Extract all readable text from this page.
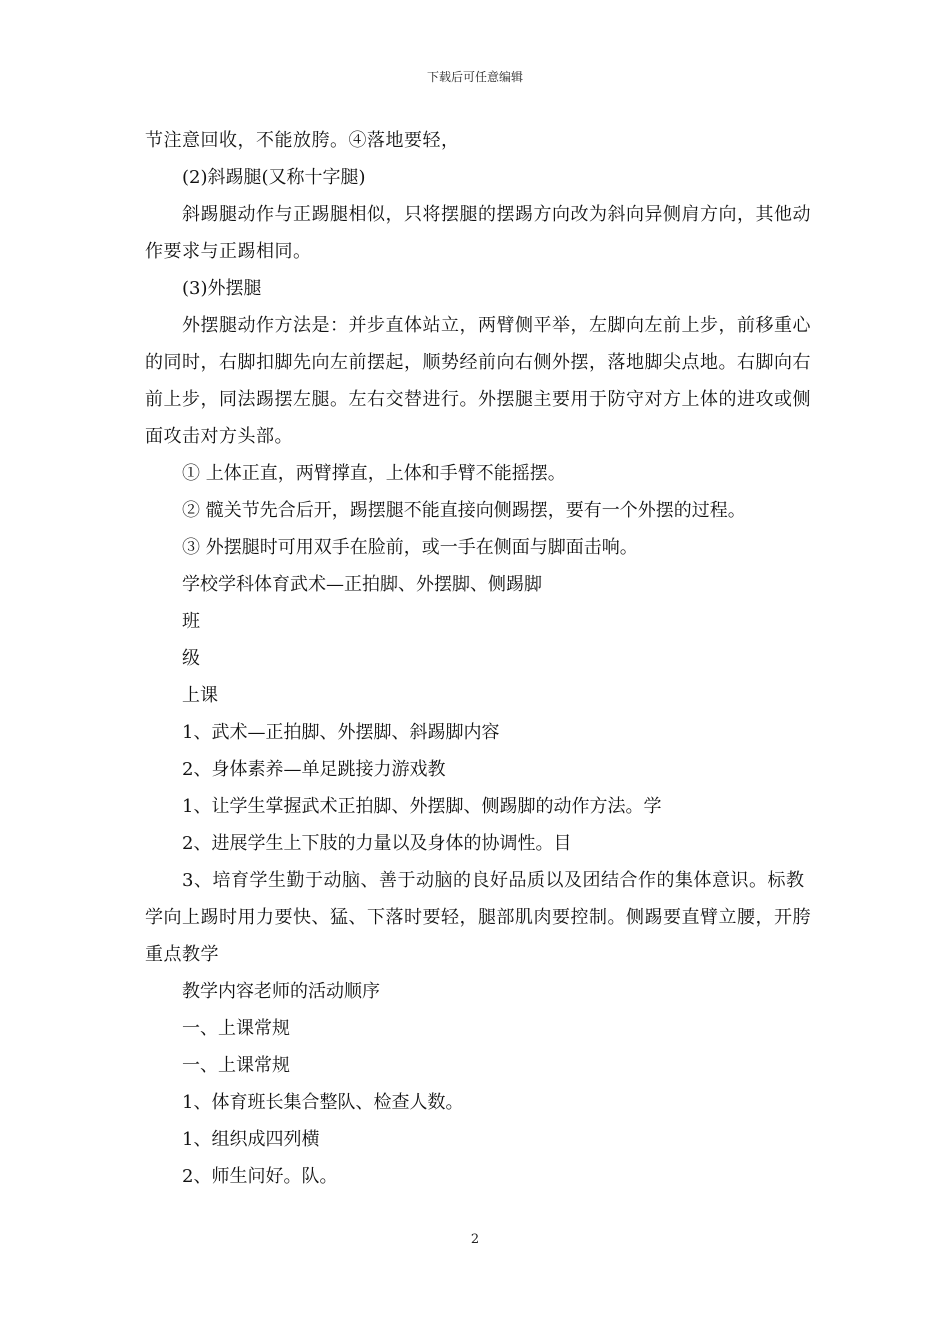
下载后可任意编辑

节注意回收，不能放胯。④落地要轻，

(2)斜踢腿(又称十字腿)

斜踢腿动作与正踢腿相似，只将摆腿的摆踢方向改为斜向异侧肩方向，其他动作要求与正踢相同。

(3)外摆腿

外摆腿动作方法是：并步直体站立，两臂侧平举，左脚向左前上步，前移重心的同时，右脚扣脚先向左前摆起，顺势经前向右侧外摆，落地脚尖点地。右脚向右前上步，同法踢摆左腿。左右交替进行。外摆腿主要用于防守对方上体的进攻或侧面攻击对方头部。

① 上体正直，两臂撑直，上体和手臂不能摇摆。

② 髋关节先合后开，踢摆腿不能直接向侧踢摆，要有一个外摆的过程。

③ 外摆腿时可用双手在脸前，或一手在侧面与脚面击响。

学校学科体育武术—正拍脚、外摆脚、侧踢脚

班

级

上课

1、武术—正拍脚、外摆脚、斜踢脚内容

2、身体素养—单足跳接力游戏教

1、让学生掌握武术正拍脚、外摆脚、侧踢脚的动作方法。学

2、进展学生上下肢的力量以及身体的协调性。目

3、培育学生勤于动脑、善于动脑的良好品质以及团结合作的集体意识。标教学向上踢时用力要快、猛、下落时要轻，腿部肌肉要控制。侧踢要直臂立腰，开胯重点教学

教学内容老师的活动顺序

一、上课常规

一、上课常规

1、体育班长集合整队、检查人数。

1、组织成四列横

2、师生问好。队。

2
